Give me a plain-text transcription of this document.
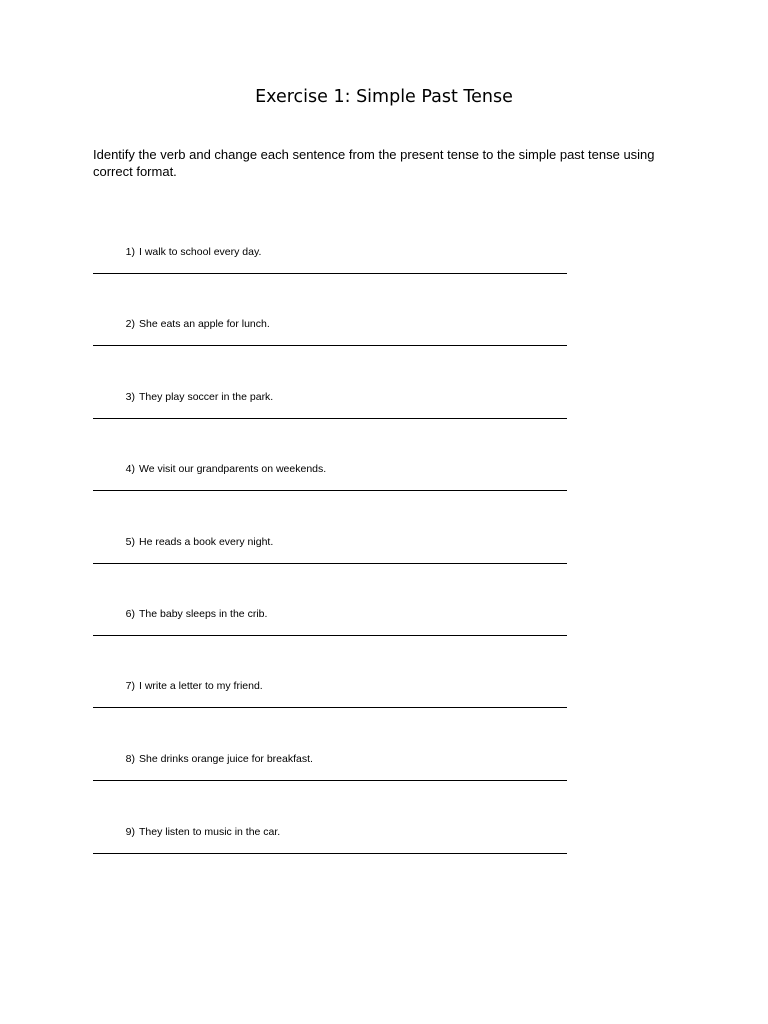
Exercise 1: Simple Past Tense

Identify the verb and change each sentence from the present tense to the simple past tense using correct format.

1) I walk to school every day.
2) She eats an apple for lunch.
3) They play soccer in the park.
4) We visit our grandparents on weekends.
5) He reads a book every night.
6) The baby sleeps in the crib.
7) I write a letter to my friend.
8) She drinks orange juice for breakfast.
9) They listen to music in the car.
